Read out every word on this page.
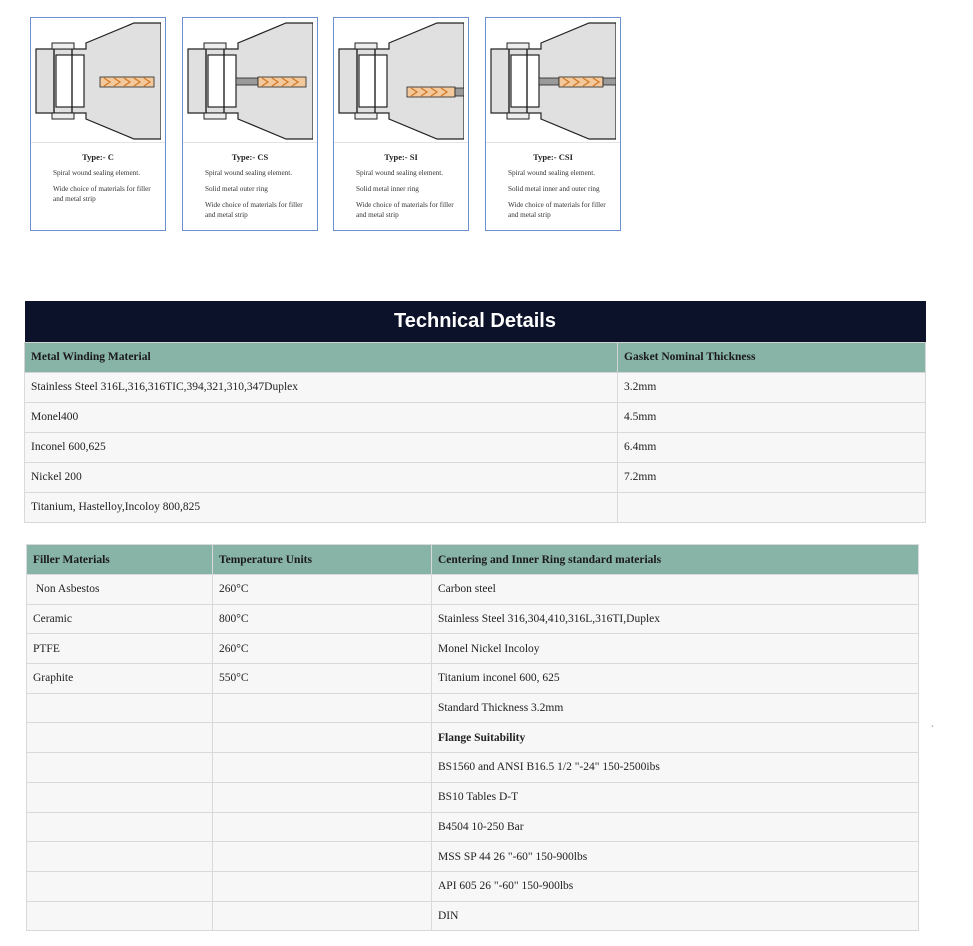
Type:- C
Spiral wound sealing element.
Wide choice of materials for filler and metal strip
Type:- CS
Spiral wound sealing element.
Solid metal outer ring
Wide choice of materials for filler and metal strip
Type:- SI
Spiral wound sealing element.
Solid metal inner ring
Wide choice of materials for filler and metal strip
Type:- CSI
Spiral wound sealing element.
Solid metal inner and outer ring
Wide choice of materials for filler and metal strip
Technical Details	
Metal Winding Material	Gasket Nominal Thickness
Stainless Steel 316L,316,316TIC,394,321,310,347Duplex	3.2mm
Monel400	4.5mm
Inconel 600,625	6.4mm
Nickel 200	7.2mm
Titanium, Hastelloy,Incoloy 800,825	
Filler Materials	Temperature Units	Centering and Inner Ring standard materials
Non Asbestos	260°C	Carbon steel
Ceramic	800°C	Stainless Steel 316,304,410,316L,316TI,Duplex
PTFE	260°C	Monel Nickel Incoloy
Graphite	550°C	Titanium inconel 600, 625
		Standard Thickness 3.2mm
		Flange Suitability
		BS1560 and ANSI B16.5 1/2 "-24" 150-2500ibs
		BS10 Tables D-T
		B4504 10-250 Bar
		MSS SP 44 26 "-60" 150-900lbs
		API 605 26 "-60" 150-900lbs
		DIN
`
